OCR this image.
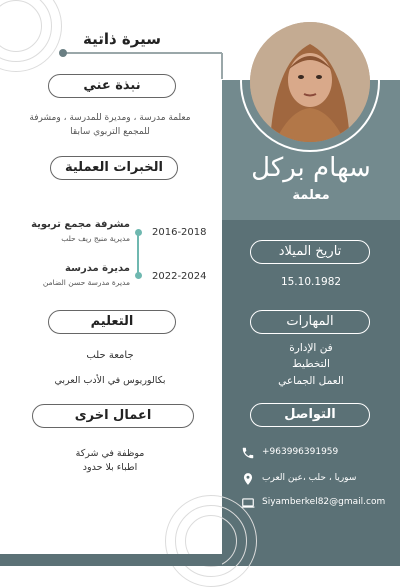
سيرة ذاتية
سهام بركل
معلمة
نبذة عني
معلمة مدرسة ، ومديرة للمدرسة ، ومشرفة
للمجمع التربوي سابقا
الخبرات العملية
مشرفة مجمع تربوية
مديرية منبج ريف حلب
2016-2018
مديرة مدرسة
مديرة مدرسة حسن الضامن
2022-2024
التعليم
جامعة حلب
بكالوريوس في الأدب العربي
اعمال اخرى
موظفة في شركة
اطباء بلا حدود
تاريخ الميلاد
15.10.1982
المهارات
فن الإدارة
التخطيط
العمل الجماعي
التواصل
+963996391959
سوريا ، حلب ،عين العرب
Siyamberkel82@gmail.com
